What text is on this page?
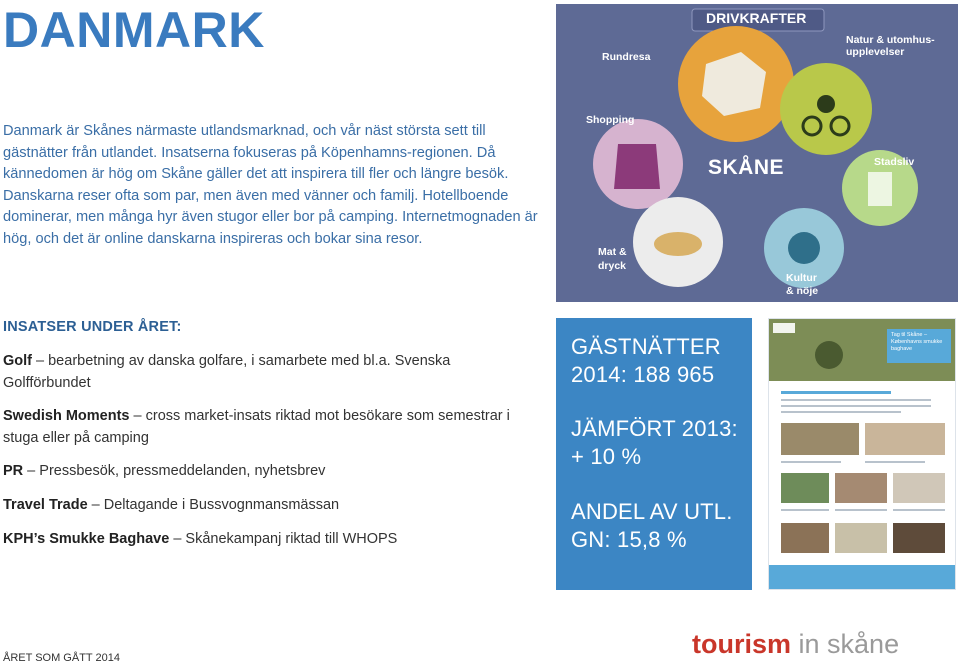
DANMARK

Danmark är Skånes närmaste utlandsmarknad, och vår näst största sett till gästnätter från utlandet. Insatserna fokuseras på Köpenhamns-regionen. Då kännedomen är hög om Skåne gäller det att inspirera till fler och längre besök. Danskarna reser ofta som par, men även med vänner och familj. Hotellboende dominerar, men många hyr även stugor eller bor på camping. Internetmognaden är hög, och det är online danskarna inspireras och bokar sina resor.

DRIVKRAFTER
Rundresa
Natur & utomhus-
upplevelser
Shopping
SKÅNE	Stadsliv
Mat &
dryck
Kultur
& nöje
INSATSER UNDER ÅRET:
Golf – bearbetning av danska golfare, i samarbete med bl.a. Svenska Golfförbundet
Swedish Moments – cross market-insats riktad mot besökare som semestrar i stuga eller på camping
PR – Pressbesök, pressmeddelanden, nyhetsbrev
Travel Trade – Deltagande i Bussvognmansmässan
KPH’s Smukke Baghave – Skånekampanj riktad till WHOPS
GÄSTNÄTTER
2014: 188 965
JÄMFÖRT 2013:
+ 10 %
ANDEL AV UTL.
GN: 15,8 %
Tag til Skåne –
Københavns smukke
baghave
ÅRET SOM GÅTT 2014	tourism in skåne
